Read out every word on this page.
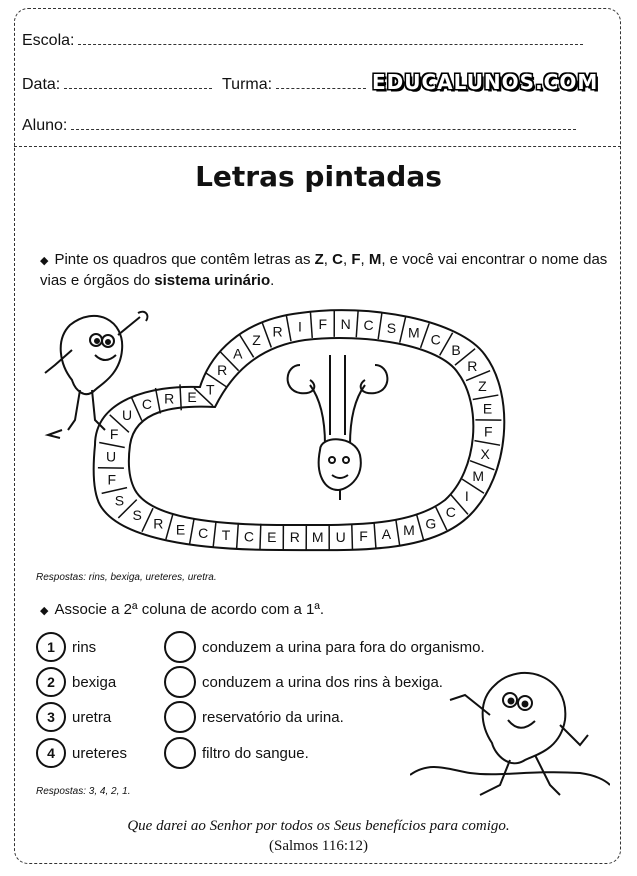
Escola:
Data:	Turma:	EDUCALUNOS.COM
Aluno:
Letras pintadas
◆ Pinte os quadros que contêm letras as Z, C, F, M, e você vai encontrar o nome das vias e órgãos do sistema urinário.
F
U
C R E T
R
A
Z
R I F N C S M C
B
R
Z
E
F
X
M
I
C
G
M
A
F
U
M
R
E
C
T
C
E
R
S
S
F
U
Respostas: rins, bexiga, ureteres, uretra.
◆ Associe a 2ª coluna de acordo com a 1ª.
1	rins	conduzem a urina para fora do organismo.
2	bexiga	conduzem a urina dos rins à bexiga.
3	uretra	reservatório da urina.
4	ureteres	filtro do sangue.
Respostas: 3, 4, 2, 1.
Que darei ao Senhor por todos os Seus benefícios para comigo.
(Salmos 116:12)
